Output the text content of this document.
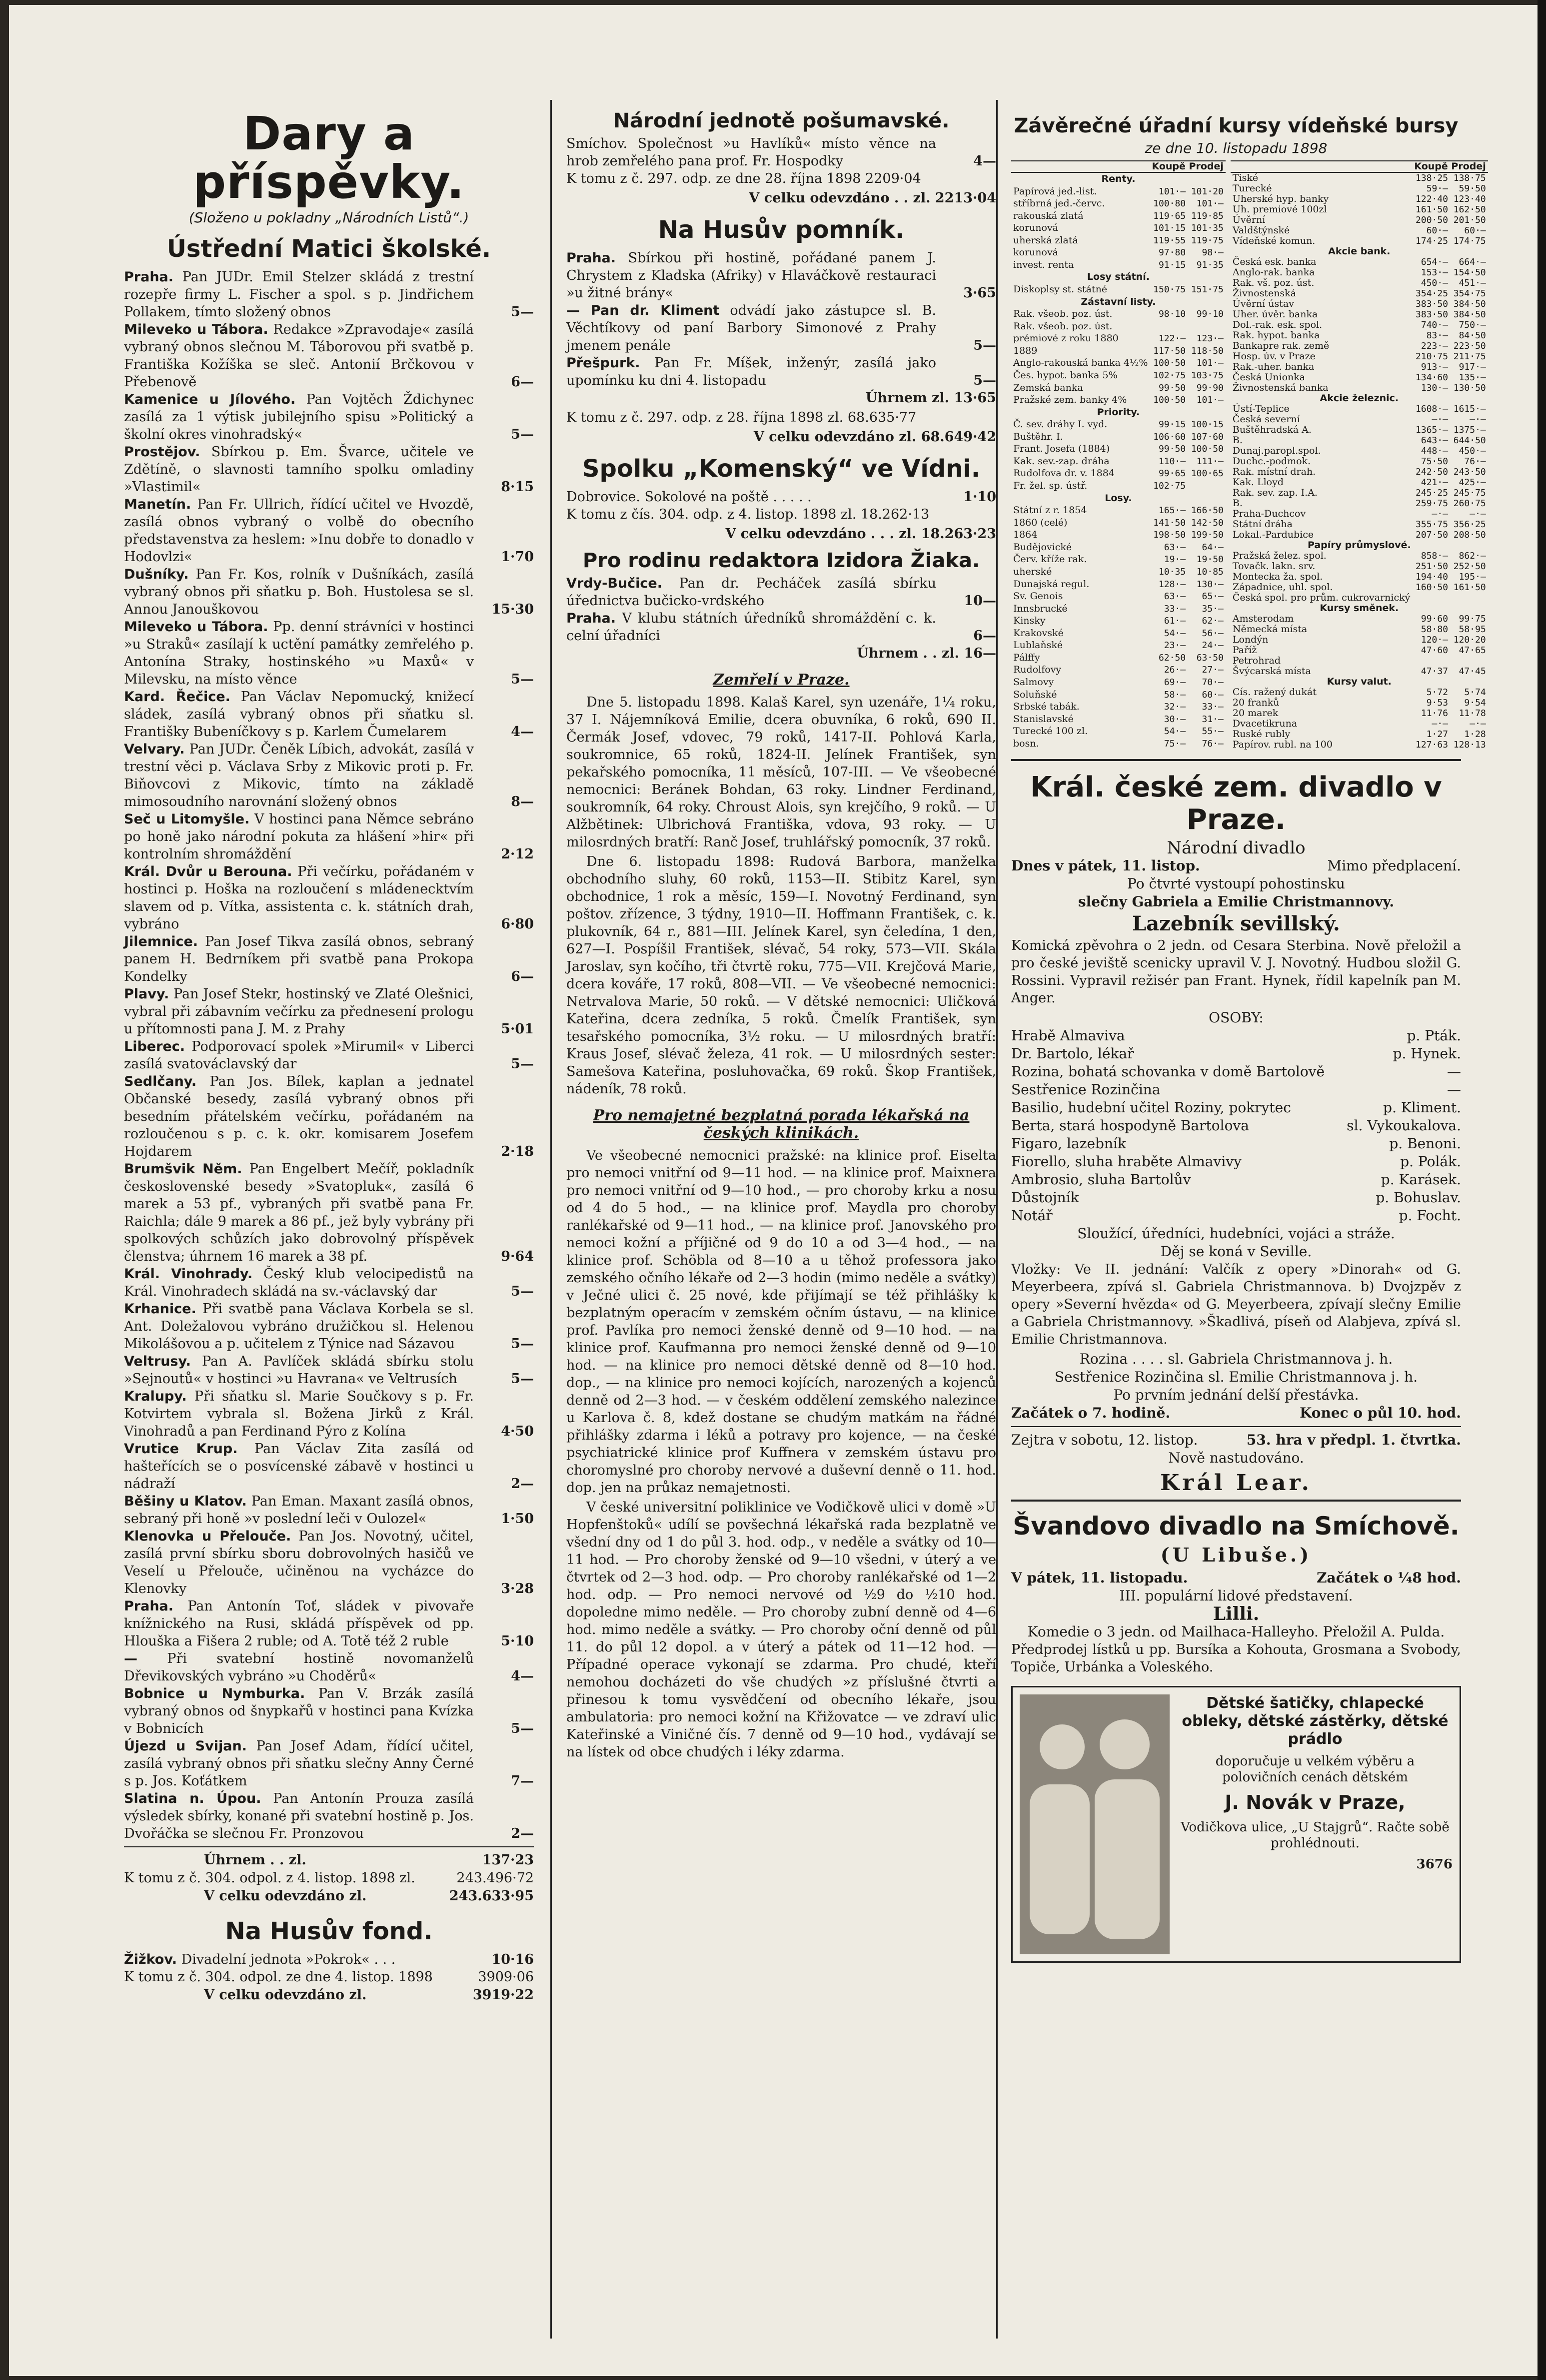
Dary a příspěvky.
(Složeno u pokladny „Národních Listů“.)
Ústřední Matici školské.
Praha. Pan JUDr. Emil Stelzer skládá z trestní rozepře firmy L. Fischer a spol. s p. Jindřichem Pollakem, tímto složený obnos	5—
Mileveko u Tábora. Redakce »Zpravodaje« zasílá vybraný obnos slečnou M. Táborovou při svatbě p. Františka Kožíška se sleč. Antonií Brčkovou v Přebenově	6—
Kamenice u Jílového. Pan Vojtěch Ždichynec zasílá za 1 výtisk jubilejního spisu »Politický a školní okres vinohradský«	5—
Prostějov. Sbírkou p. Em. Švarce, učitele ve Zdětíně, o slavnosti tamního spolku omladiny »Vlastimil«	8·15
Manetín. Pan Fr. Ullrich, řídící učitel ve Hvozdě, zasílá obnos vybraný o volbě do obecního představenstva za heslem: »Inu dobře to donadlo v Hodovlzi«	1·70
Dušníky. Pan Fr. Kos, rolník v Dušníkách, zasílá vybraný obnos při sňatku p. Boh. Hustolesa se sl. Annou Janouškovou	15·30
Mileveko u Tábora. Pp. denní strávníci v hostinci »u Straků« zasílají k uctění památky zemřelého p. Antonína Straky, hostinského »u Maxů« v Milevsku, na místo věnce	5—
Kard. Řečice. Pan Václav Nepomucký, knižecí sládek, zasílá vybraný obnos při sňatku sl. Františky Bubeníčkovy s p. Karlem Čumelarem	4—
Velvary. Pan JUDr. Čeněk Líbich, advokát, zasílá v trestní věci p. Václava Srby z Mikovic proti p. Fr. Biňovcovi z Mikovic, tímto na základě mimosoudního narovnání složený obnos	8—
Seč u Litomyšle. V hostinci pana Němce sebráno po honě jako národní pokuta za hlášení »hir« při kontrolním shromáždění	2·12
Král. Dvůr u Berouna. Při večírku, pořádaném v hostinci p. Hoška na rozloučení s mládenecktvím slavem od p. Vítka, assistenta c. k. státních drah, vybráno	6·80
Jilemnice. Pan Josef Tikva zasílá obnos, sebraný panem H. Bedrníkem při svatbě pana Prokopa Kondelky	6—
Plavy. Pan Josef Stekr, hostinský ve Zlaté Olešnici, vybral při zábavním večírku za přednesení prologu u přítomnosti pana J. M. z Prahy	5·01
Liberec. Podporovací spolek »Mirumil« v Liberci zasílá svatováclavský dar	5—
Sedlčany. Pan Jos. Bílek, kaplan a jednatel Občanské besedy, zasílá vybraný obnos při besedním přátelském večírku, pořádaném na rozloučenou s p. c. k. okr. komisarem Josefem Hojdarem	2·18
Brumšvik Něm. Pan Engelbert Mečíř, pokladník československé besedy »Svatopluk«, zasílá 6 marek a 53 pf., vybraných při svatbě pana Fr. Raichla; dále 9 marek a 86 pf., jež byly vybrány při spolkových schůzích jako dobrovolný příspěvek členstva; úhrnem 16 marek a 38 pf.	9·64
Král. Vinohrady. Český klub velocipedistů na Král. Vinohradech skládá na sv.-václavský dar	5—
Krhanice. Při svatbě pana Václava Korbela se sl. Ant. Doležalovou vybráno družičkou sl. Helenou Mikolášovou a p. učitelem z Týnice nad Sázavou	5—
Veltrusy. Pan A. Pavlíček skládá sbírku stolu »Sejnoutů« v hostinci »u Havrana« ve Veltrusích	5—
Kralupy. Při sňatku sl. Marie Součkovy s p. Fr. Kotvirtem vybrala sl. Božena Jirků z Král. Vinohradů a pan Ferdinand Pýro z Kolína	4·50
Vrutice Krup. Pan Václav Zita zasílá od hašteřících se o posvícenské zábavě v hostinci u nádraží	2—
Běšiny u Klatov. Pan Eman. Maxant zasílá obnos, sebraný při honě »v poslední leči v Oulozel«	1·50
Klenovka u Přelouče. Pan Jos. Novotný, učitel, zasílá první sbírku sboru dobrovolných hasičů ve Veselí u Přelouče, učiněnou na vycházce do Klenovky	3·28
Praha. Pan Antonín Toť, sládek v pivovaře knížnického na Rusi, skládá příspěvek od pp. Hlouška a Fišera 2 ruble; od A. Totě též 2 ruble	5·10
— Při svatební hostině novomanželů Dřevikovských vybráno »u Choděrů«	4—
Bobnice u Nymburka. Pan V. Brzák zasílá vybraný obnos od šnypkařů v hostinci pana Kvízka v Bobnicích	5—
Újezd u Svijan. Pan Josef Adam, řídící učitel, zasílá vybraný obnos při sňatku slečny Anny Černé s p. Jos. Koťátkem	7—
Slatina n. Úpou. Pan Antonín Prouza zasílá výsledek sbírky, konané při svatební hostině p. Jos. Dvořáčka se slečnou Fr. Pronzovou	2—
Úhrnem . . zl.	137·23
K tomu z č. 304. odpol. z 4. listop. 1898 zl.	243.496·72
V celku odevzdáno zl.	243.633·95
Na Husův fond.
Žižkov. Divadelní jednota »Pokrok« . . .	10·16
K tomu z č. 304. odpol. ze dne 4. listop. 1898	3909·06
V celku odevzdáno zl.	3919·22
Národní jednotě pošumavské.
Smíchov. Společnost »u Havlíků« místo věnce na hrob zemřelého pana prof. Fr. Hospodky	4—
K tomu z č. 297. odp. ze dne 28. října 1898 2209·04
V celku odevzdáno . . zl. 2213·04
Na Husův pomník.
Praha. Sbírkou při hostině, pořádané panem J. Chrystem z Kladska (Afriky) v Hlaváčkově restauraci »u žitné brány«	3·65
— Pan dr. Kliment odvádí jako zástupce sl. B. Věchtíkovy od paní Barbory Simonové z Prahy jmenem penále	5—
Přešpurk. Pan Fr. Míšek, inženýr, zasílá jako upomínku ku dni 4. listopadu	5—
Úhrnem zl. 13·65
K tomu z č. 297. odp. z 28. října 1898 zl. 68.635·77
V celku odevzdáno zl. 68.649·42
Spolku „Komenský“ ve Vídni.
Dobrovice. Sokolové na poště . . . . .	1·10
K tomu z čís. 304. odp. z 4. listop. 1898 zl. 18.262·13
V celku odevzdáno . . . zl. 18.263·23
Pro rodinu redaktora Izidora Žiaka.
Vrdy-Bučice. Pan dr. Pecháček zasílá sbírku úřednictva bučicko-vrdského	10—
Praha. V klubu státních úředníků shromáždění c. k. celní úřadníci	6—
Úhrnem . . zl. 16—
Zemřelí v Praze.

Dne 5. listopadu 1898. Kalaš Karel, syn uzenáře, 1¼ roku, 37 I. Nájemníková Emilie, dcera obuvníka, 6 roků, 690 II. Čermák Josef, vdovec, 79 roků, 1417-II. Pohlová Karla, soukromnice, 65 roků, 1824-II. Jelínek František, syn pekařského pomocníka, 11 měsíců, 107-III. — Ve všeobecné nemocnici: Beránek Bohdan, 63 roky. Lindner Ferdinand, soukromník, 64 roky. Chroust Alois, syn krejčího, 9 roků. — U Alžbětinek: Ulbrichová Františka, vdova, 93 roky. — U milosrdných bratří: Ranč Josef, truhlářský pomocník, 37 roků.

Dne 6. listopadu 1898: Rudová Barbora, manželka obchodního sluhy, 60 roků, 1153—II. Stibitz Karel, syn obchodnice, 1 rok a měsíc, 159—I. Novotný Ferdinand, syn poštov. zřízence, 3 týdny, 1910—II. Hoffmann František, c. k. plukovník, 64 r., 881—III. Jelínek Karel, syn čeledína, 1 den, 627—I. Pospíšil František, slévač, 54 roky, 573—VII. Skála Jaroslav, syn kočího, tři čtvrtě roku, 775—VII. Krejčová Marie, dcera kováře, 17 roků, 808—VII. — Ve všeobecné nemocnici: Netrvalova Marie, 50 roků. — V dětské nemocnici: Uličková Kateřina, dcera zedníka, 5 roků. Čmelík František, syn tesařského pomocníka, 3½ roku. — U milosrdných bratří: Kraus Josef, slévač železa, 41 rok. — U milosrdných sester: Samešova Kateřina, posluhovačka, 69 roků. Škop František, nádeník, 78 roků.

Pro nemajetné bezplatná porada lékařská na českých klinikách.

Ve všeobecné nemocnici pražské: na klinice prof. Eiselta pro nemoci vnitřní od 9—11 hod. — na klinice prof. Maixnera pro nemoci vnitřní od 9—10 hod., — pro choroby krku a nosu od 4 do 5 hod., — na klinice prof. Maydla pro choroby ranlékařské od 9—11 hod., — na klinice prof. Janovského pro nemoci kožní a příjičné od 9 do 10 a od 3—4 hod., — na klinice prof. Schöbla od 8—10 a u těhož professora jako zemského očního lékaře od 2—3 hodin (mimo neděle a svátky) v Ječné ulici č. 25 nové, kde přijímají se též přihlášky k bezplatným operacím v zemském očním ústavu, — na klinice prof. Pavlíka pro nemoci ženské denně od 9—10 hod. — na klinice prof. Kaufmanna pro nemoci ženské denně od 9—10 hod. — na klinice pro nemoci dětské denně od 8—10 hod. dop., — na klinice pro nemoci kojících, narozených a kojenců denně od 2—3 hod. — v českém oddělení zemského nalezince u Karlova č. 8, kdež dostane se chudým matkám na řádné přihlášky zdarma i léků a potravy pro kojence, — na české psychiatrické klinice prof Kuffnera v zemském ústavu pro choromyslné pro choroby nervové a duševní denně o 11. hod. dop. jen na průkaz nemajetnosti.

V české universitní poliklinice ve Vodičkově ulici v domě »U Hopfenštoků« udílí se povšechná lékařská rada bezplatně ve všední dny od 1 do půl 3. hod. odp., v neděle a svátky od 10—11 hod. — Pro choroby ženské od 9—10 všedni, v úterý a ve čtvrtek od 2—3 hod. odp. — Pro choroby ranlékařské od 1—2 hod. odp. — Pro nemoci nervové od ½9 do ½10 hod. dopoledne mimo neděle. — Pro choroby zubní denně od 4—6 hod. mimo neděle a svátky. — Pro choroby oční denně od půl 11. do půl 12 dopol. a v úterý a pátek od 11—12 hod. — Případné operace vykonají se zdarma. Pro chudé, kteří nemohou docházeti do vše chudých »z příslušné čtvrti a přinesou k tomu vysvědčení od obecního lékaře, jsou ambulatoria: pro nemoci kožní na Křižovatce — ve zdraví ulic Kateřinské a Viničné čís. 7 denně od 9—10 hod., vydávají se na lístek od obce chudých i léky zdarma.

Závěrečné úřadní kursy vídeňské bursy
ze dne 10. listopadu 1898
	Koupě Prodej	
Renty.		
Papírová jed.-list.	101·—	101·20
stříbrná jed.-červc.	100·80	101·—
rakouská zlatá	119·65	119·85
korunová	101·15	101·35
uherská zlatá	119·55	119·75
korunová	97·80	98·—
invest. renta	91·15	91·35
Losy státní.		
Diskoplsy st. státné	150·75	151·75
Zástavní listy.		
Rak. všeob. poz. úst.	98·10	99·10
Rak. všeob. poz. úst.		
prémiové z roku 1880	122·—	123·—
1889	117·50	118·50
Anglo-rakouská banka 4½%	100·50	101·—
Čes. hypot. banka 5%	102·75	103·75
Zemská banka	99·50	99·90
Pražské zem. banky 4%	100·50	101·—
Priority.		
Č. sev. dráhy I. vyd.	99·15	100·15
Buštěhr. I.	106·60	107·60
Frant. Josefa (1884)	99·50	100·50
Kak. sev.-zap. dráha	110·—	111·—
Rudolfova dr. v. 1884	99·65	100·65
Fr. žel. sp. ústř.	102·75	
Losy.		
Státní z r. 1854	165·—	166·50
1860 (celé)	141·50	142·50
1864	198·50	199·50
Budějovické	63·—	64·—
Červ. kříže rak.	19·—	19·50
uherské	10·35	10·85
Dunajská regul.	128·—	130·—
Sv. Genois	63·—	65·—
Innsbrucké	33·—	35·—
Kinsky	61·—	62·—
Krakovské	54·—	56·—
Lublaňské	23·—	24·—
Pálffy	62·50	63·50
Rudolfovy	26·—	27·—
Salmovy	69·—	70·—
Soluňské	58·—	60·—
Srbské tabák.	32·—	33·—
Stanislavské	30·—	31·—
Turecké 100 zl.	54·—	55·—
bosn.	75·—	76·—
	Koupě Prodej	
Tiské	138·25	138·75
Turecké	59·—	59·50
Uherské hyp. banky	122·40	123·40
Uh. premiové 100zl	161·50	162·50
Úvěrní	200·50	201·50
Valdštýnské	60·—	60·—
Vídeňské komun.	174·25	174·75
Akcie bank.		
Česká esk. banka	654·—	664·—
Anglo-rak. banka	153·—	154·50
Rak. vš. poz. úst.	450·—	451·—
Živnostenská	354·25	354·75
Úvěrní ústav	383·50	384·50
Uher. úvěr. banka	383·50	384·50
Dol.-rak. esk. spol.	740·—	750·—
Rak. hypot. banka	83·—	84·50
Bankapre rak. země	223·—	223·50
Hosp. úv. v Praze	210·75	211·75
Rak.-uher. banka	913·—	917·—
Česká Unionka	134·60	135·—
Živnostenská banka	130·—	130·50
Akcie železnic.		
Ústí-Teplice	1608·—	1615·—
Česká severní	—·—	—·—
Buštěhradská A.	1365·—	1375·—
B.	643·—	644·50
Dunaj.paropl.spol.	448·—	450·—
Duchc.-podmok.	75·50	76·—
Rak. místní drah.	242·50	243·50
Kak. Lloyd	421·—	425·—
Rak. sev. zap. I.A.	245·25	245·75
B.	259·75	260·75
Praha-Duchcov	—·—	—·—
Státní dráha	355·75	356·25
Lokal.-Pardubice	207·50	208·50
Papíry průmyslové.		
Pražská želez. spol.	858·—	862·—
Tovačk. lakn. srv.	251·50	252·50
Montecka ža. spol.	194·40	195·—
Západnice, uhl. spol.	160·50	161·50
Česká spol. pro prům. cukrovarnický		
Kursy směnek.		
Amsterodam	99·60	99·75
Německá místa	58·80	58·95
Londýn	120·—	120·20
Paříž	47·60	47·65
Petrohrad		
Švýcarská místa	47·37	47·45
Kursy valut.		
Cís. ražený dukát	5·72	5·74
20 franků	9·53	9·54
20 marek	11·76	11·78
Dvacetikruna	—·—	—·—
Ruské rubly	1·27	1·28
Papírov. rubl. na 100	127·63	128·13
Král. české zem. divadlo v Praze.
Národní divadlo
Dnes v pátek, 11. listop.	Mimo předplacení.
Po čtvrté vystoupí pohostinsku
slečny Gabriela a Emilie Christmannovy.
Lazebník sevillský.
Komická zpěvohra o 2 jedn. od Cesara Sterbina. Nově přeložil a pro české jeviště scenicky upravil V. J. Novotný. Hudbou složil G. Rossini. Vypravil režisér pan Frant. Hynek, řídil kapelník pan M. Anger.
OSOBY:
Hrabě Almaviva	p. Pták.
Dr. Bartolo, lékař	p. Hynek.
Rozina, bohatá schovanka v domě Bartolově	—
Sestřenice Rozinčina	—
Basilio, hudební učitel Roziny, pokrytec	p. Kliment.
Berta, stará hospodyně Bartolova	sl. Vykoukalova.
Figaro, lazebník	p. Benoni.
Fiorello, sluha hraběte Almavivy	p. Polák.
Ambrosio, sluha Bartolův	p. Karásek.
Důstojník	p. Bohuslav.
Notář	p. Focht.
Sloužící, úředníci, hudebníci, vojáci a stráže.
Děj se koná v Seville.
Vložky: Ve II. jednání: Valčík z opery »Dinorah« od G. Meyerbeera, zpívá sl. Gabriela Christmannova. b) Dvojzpěv z opery »Severní hvězda« od G. Meyerbeera, zpívají slečny Emilie a Gabriela Christmannovy. »Škadlivá, píseň od Alabjeva, zpívá sl. Emilie Christmannova.
Rozina . . . . sl. Gabriela Christmannova j. h.
Sestřenice Rozinčina sl. Emilie Christmannova j. h.
Po prvním jednání delší přestávka.
Začátek o 7. hodině.	Konec o půl 10. hod.
Zejtra v sobotu, 12. listop.	53. hra v předpl. 1. čtvrtka.
Nově nastudováno.
Král Lear.
Švandovo divadlo na Smíchově.
(U Libuše.)
V pátek, 11. listopadu.	Začátek o ¼8 hod.
III. populární lidové představení.
Lilli.
Komedie o 3 jedn. od Mailhaca-Halleyho. Přeložil A. Pulda.
Předprodej lístků u pp. Bursíka a Kohouta, Grosmana a Svobody, Topiče, Urbánka a Voleského.
Dětské šatičky, chlapecké obleky, dětské zástěrky, dětské prádlo
doporučuje u velkém výběru a polovičních cenách dětském
J. Novák v Praze,
Vodičkova ulice, „U Stajgrů“. Račte sobě prohlédnouti.
3676
